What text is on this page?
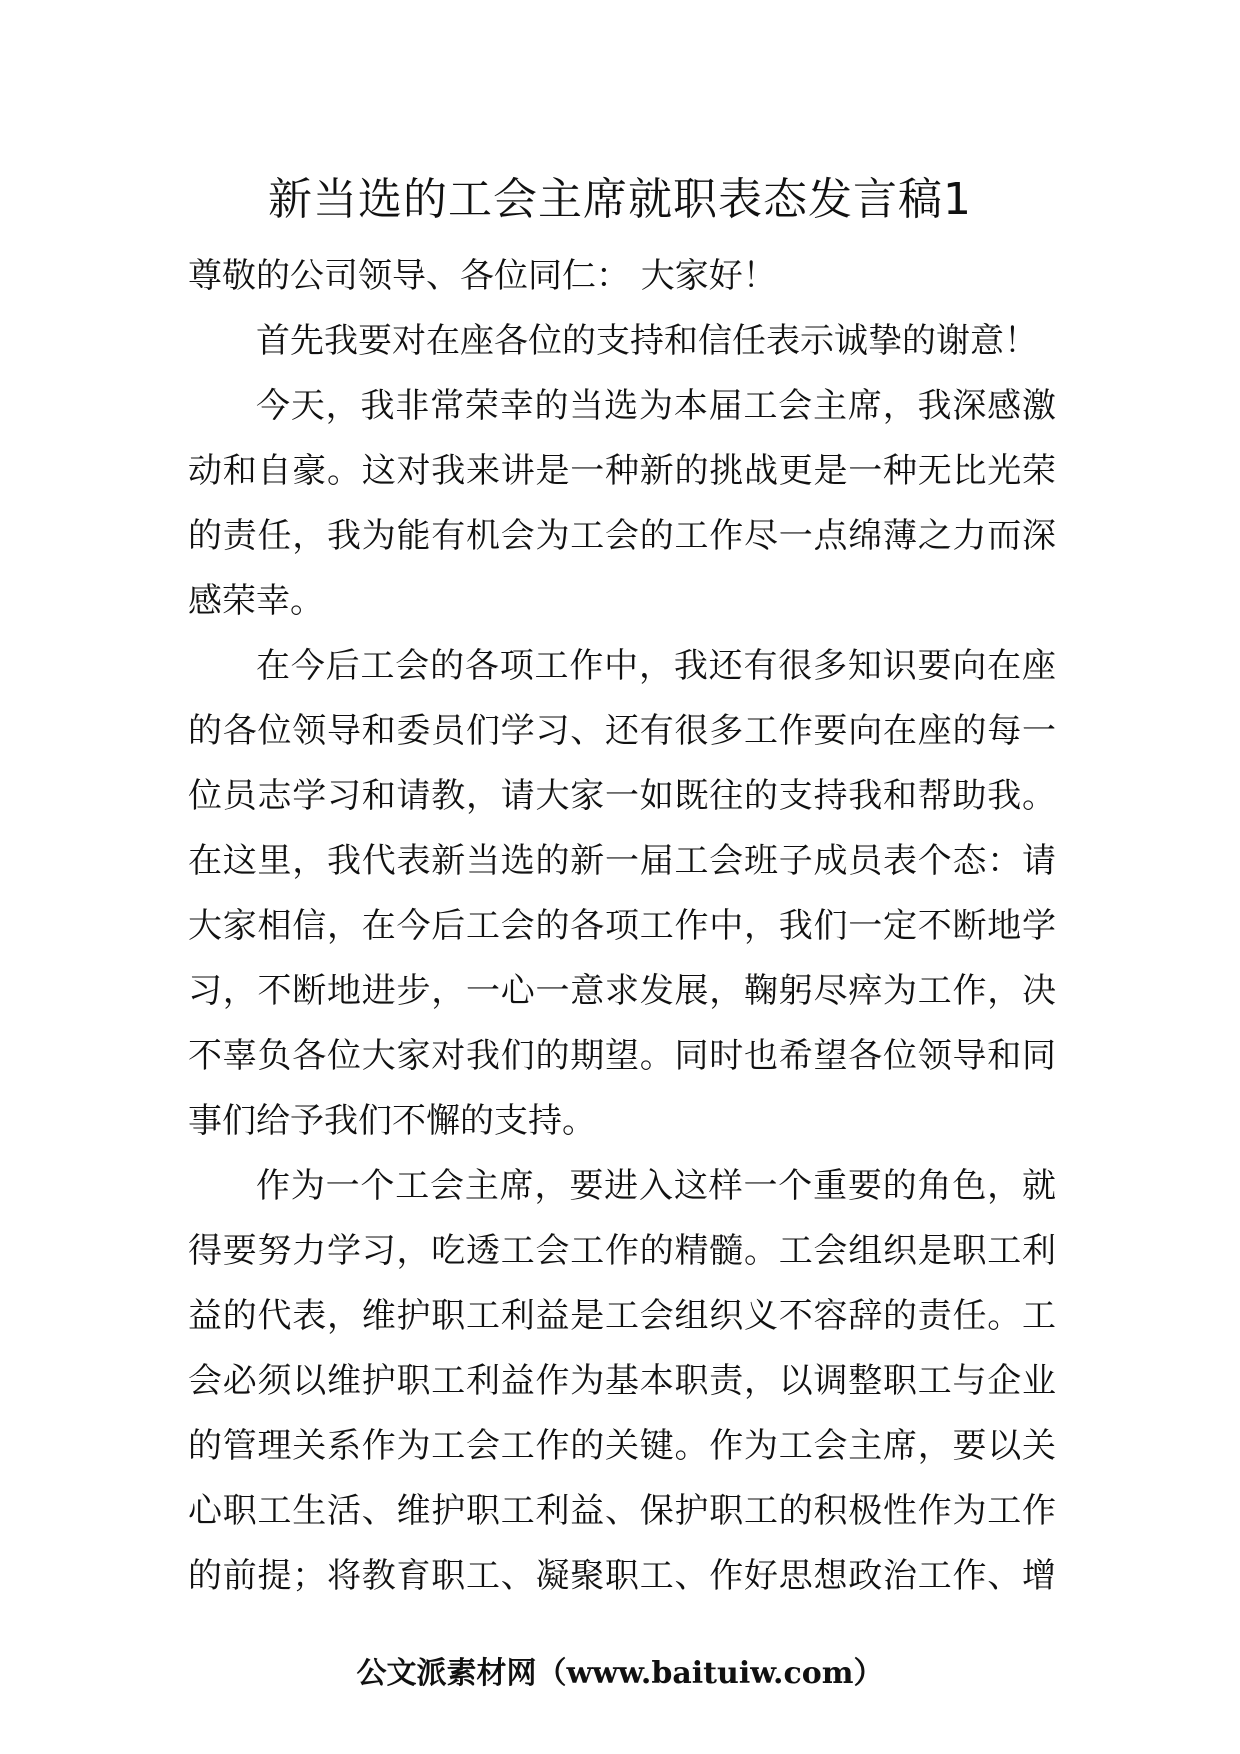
新当选的工会主席就职表态发言稿1

尊敬的公司领导、各位同仁： 大家好！

首先我要对在座各位的支持和信任表示诚挚的谢意！

今天，我非常荣幸的当选为本届工会主席，我深感激

动和自豪。这对我来讲是一种新的挑战更是一种无比光荣

的责任，我为能有机会为工会的工作尽一点绵薄之力而深

感荣幸。

在今后工会的各项工作中，我还有很多知识要向在座

的各位领导和委员们学习、还有很多工作要向在座的每一

位员志学习和请教，请大家一如既往的支持我和帮助我。

在这里，我代表新当选的新一届工会班子成员表个态：请

大家相信，在今后工会的各项工作中，我们一定不断地学

习，不断地进步，一心一意求发展，鞠躬尽瘁为工作，决

不辜负各位大家对我们的期望。同时也希望各位领导和同

事们给予我们不懈的支持。

作为一个工会主席，要进入这样一个重要的角色，就

得要努力学习，吃透工会工作的精髓。工会组织是职工利

益的代表，维护职工利益是工会组织义不容辞的责任。工

会必须以维护职工利益作为基本职责，以调整职工与企业

的管理关系作为工会工作的关键。作为工会主席，要以关

心职工生活、维护职工利益、保护职工的积极性作为工作

的前提；将教育职工、凝聚职工、作好思想政治工作、增

公文派素材网（www.baituiw.com）
